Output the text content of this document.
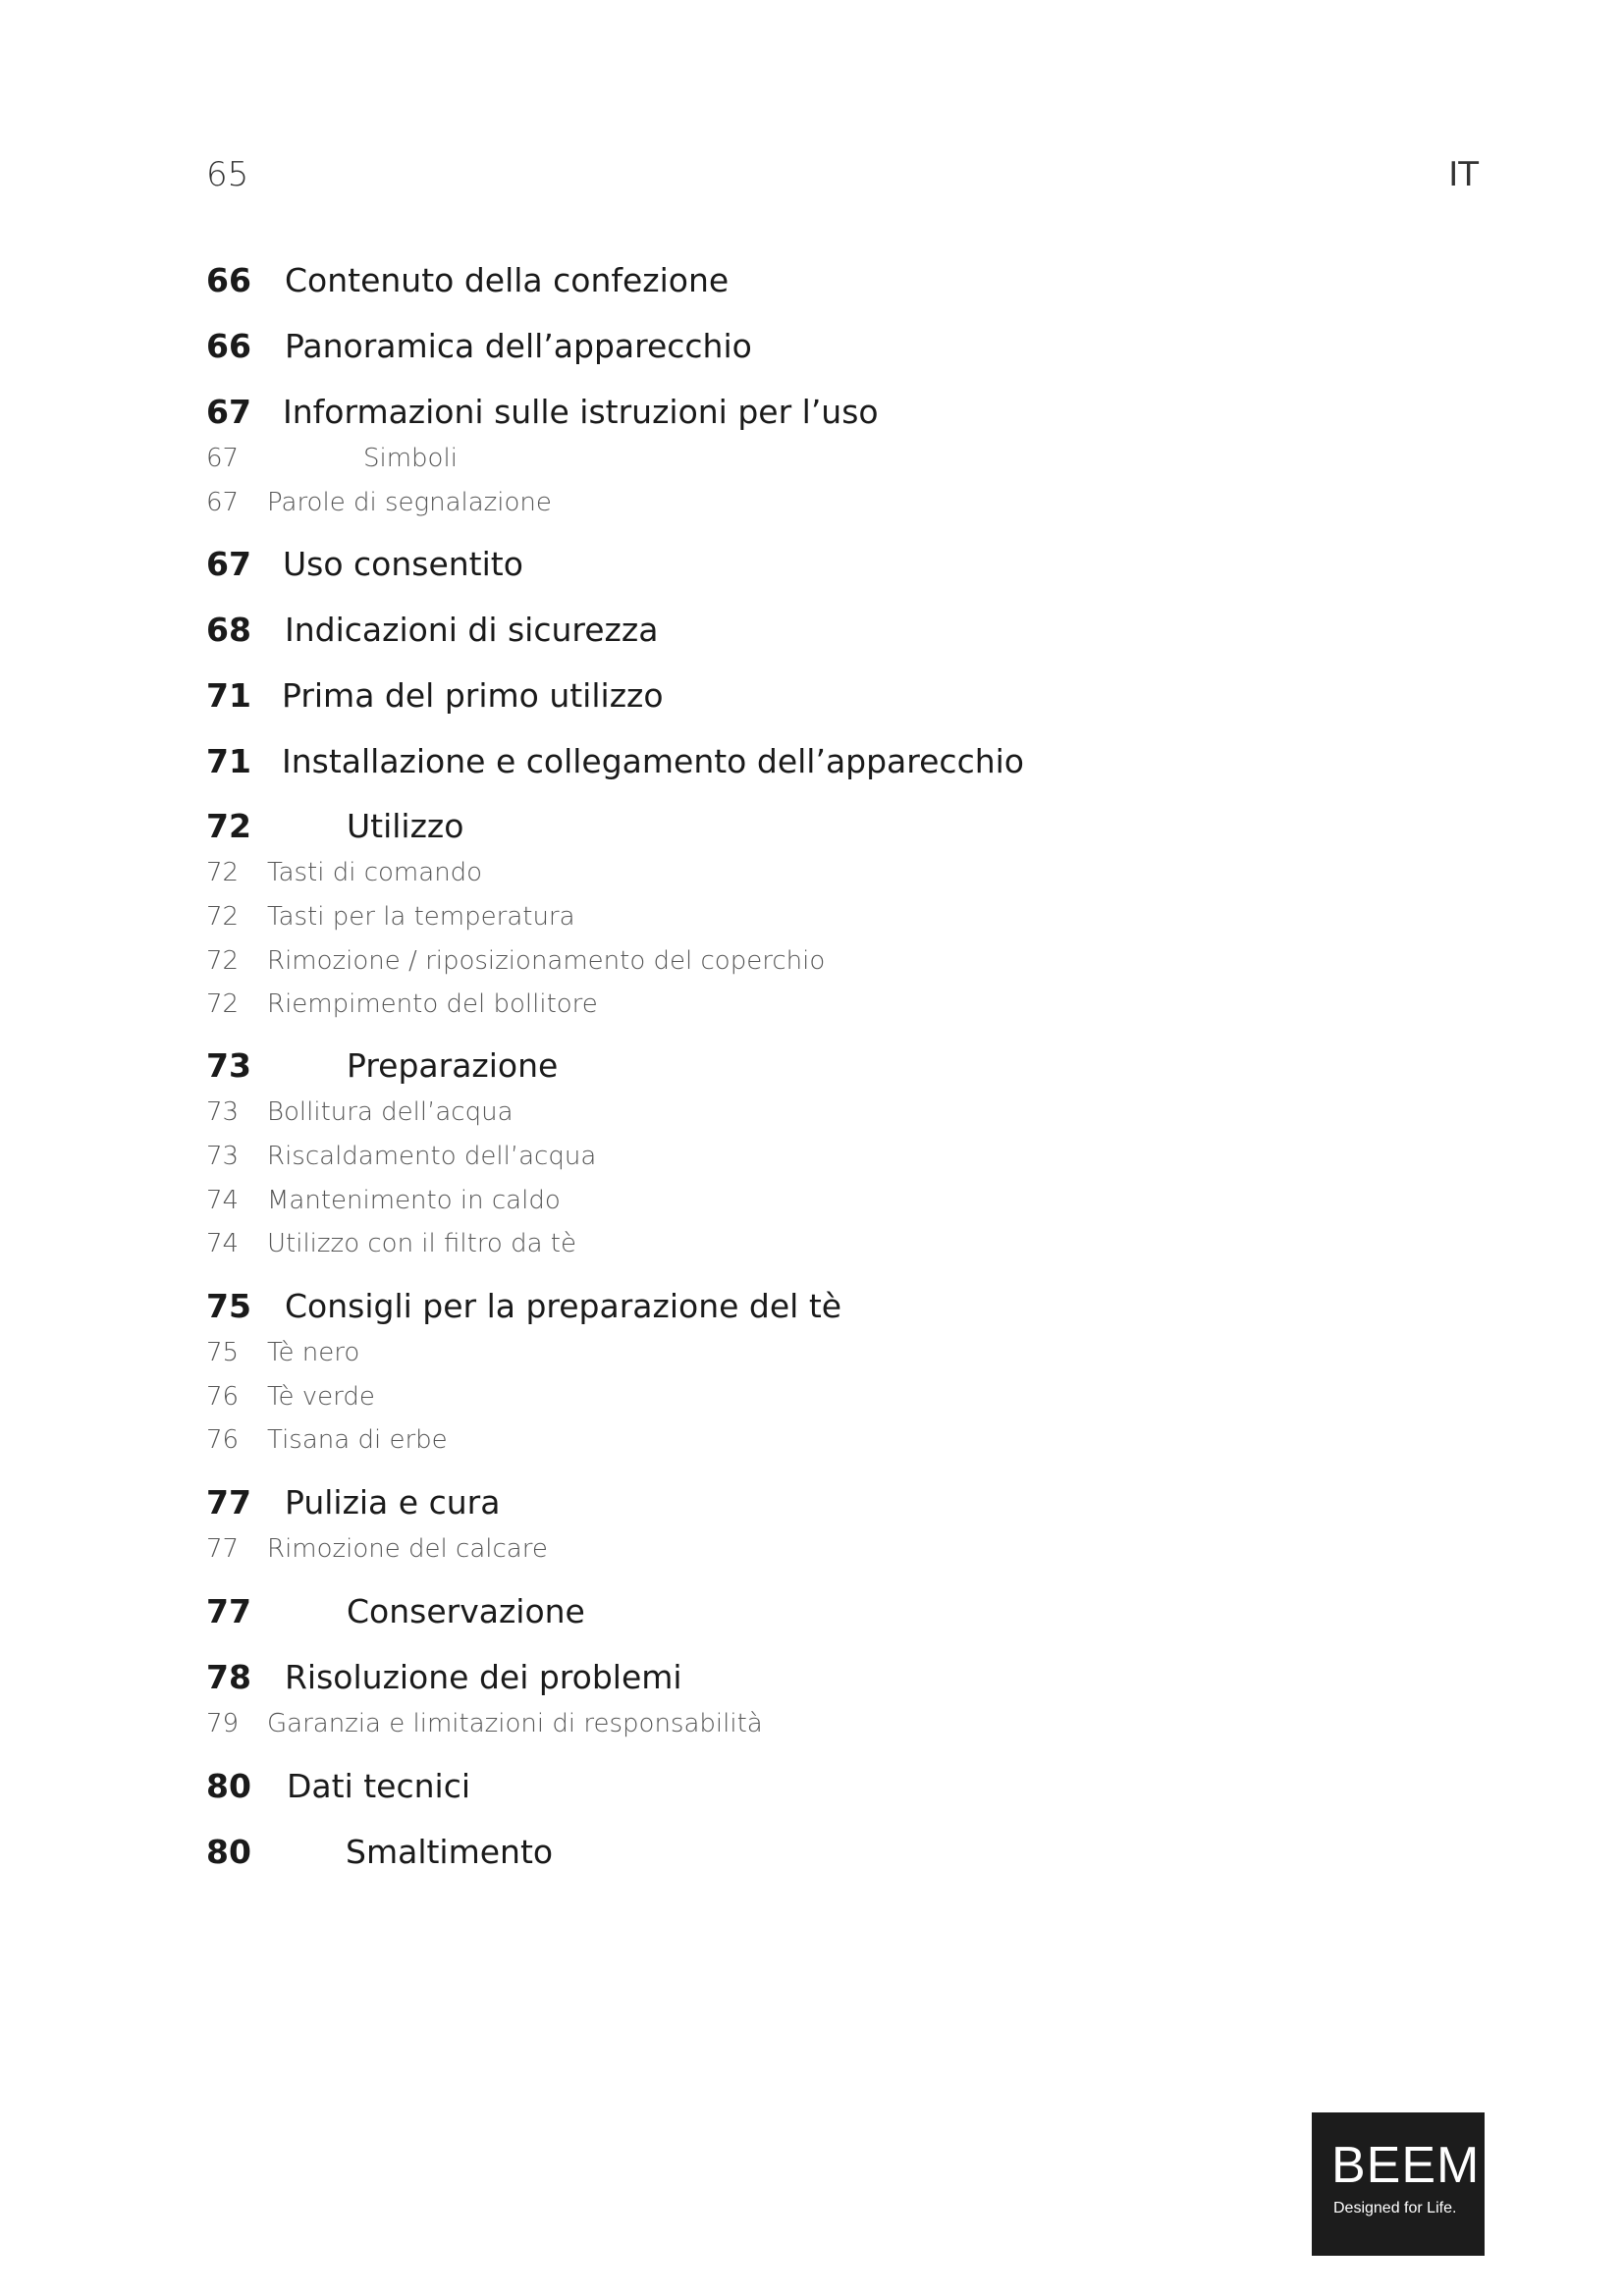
65	IT
66 Contenuto della confezione
66 Panoramica dell’apparecchio
67 Informazioni sulle istruzioni per l’uso
67	Simboli
67 Parole di segnalazione
67 Uso consentito
68 Indicazioni di sicurezza
71 Prima del primo utilizzo
71 Installazione e collegamento dell’apparecchio
72	Utilizzo
72 Tasti di comando
72 Tasti per la temperatura
72 Rimozione / riposizionamento del coperchio
72 Riempimento del bollitore
73	Preparazione
73 Bollitura dell’acqua
73 Riscaldamento dell’acqua
74 Mantenimento in caldo
74 Utilizzo con il filtro da tè
75 Consigli per la preparazione del tè
75 Tè nero
76 Tè verde
76 Tisana di erbe
77 Pulizia e cura
77 Rimozione del calcare
77	Conservazione
78 Risoluzione dei problemi
79 Garanzia e limitazioni di responsabilità
80 Dati tecnici
80	Smaltimento
BEEM
Designed for Life.
